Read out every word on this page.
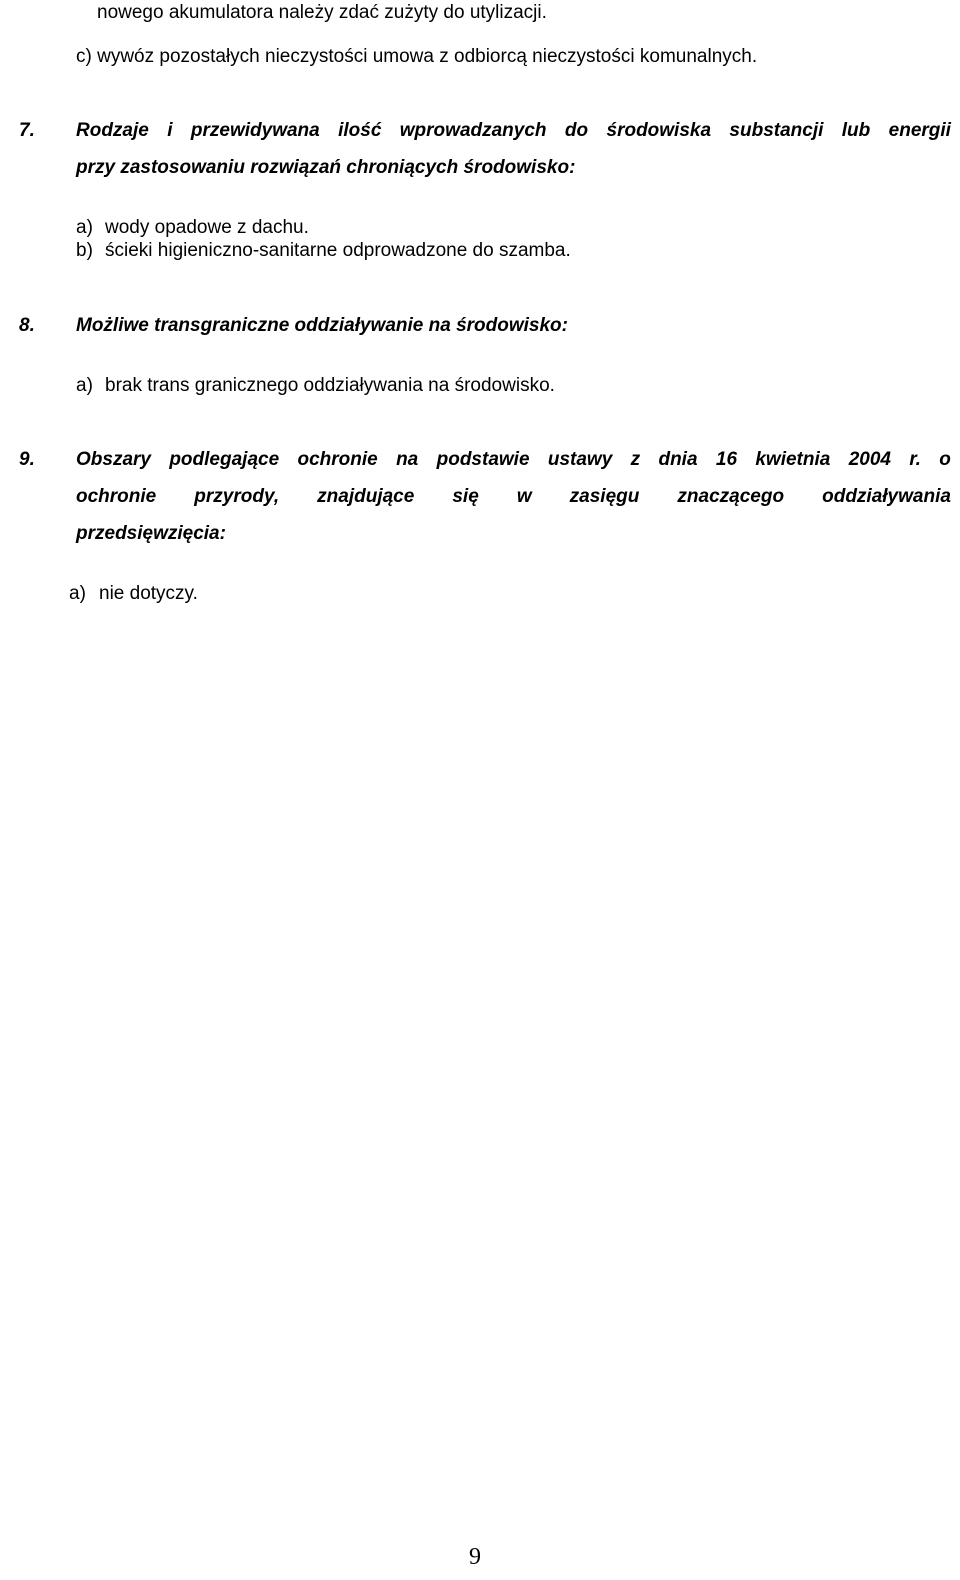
nowego akumulatora należy zdać zużyty do utylizacji.
c) wywóz pozostałych nieczystości umowa z odbiorcą nieczystości komunalnych.
7. Rodzaje i przewidywana ilość wprowadzanych do środowiska substancji lub energii
przy zastosowaniu rozwiązań chroniących środowisko:
a) wody opadowe z dachu.
b) ścieki higieniczno-sanitarne odprowadzone do szamba.
8. Możliwe transgraniczne oddziaływanie na środowisko:
a) brak trans granicznego oddziaływania na środowisko.
9. Obszary podlegające ochronie na podstawie ustawy z dnia 16 kwietnia 2004 r. o
ochronie przyrody, znajdujące się w zasięgu znaczącego oddziaływania
przedsięwzięcia:
a) nie dotyczy.
9
